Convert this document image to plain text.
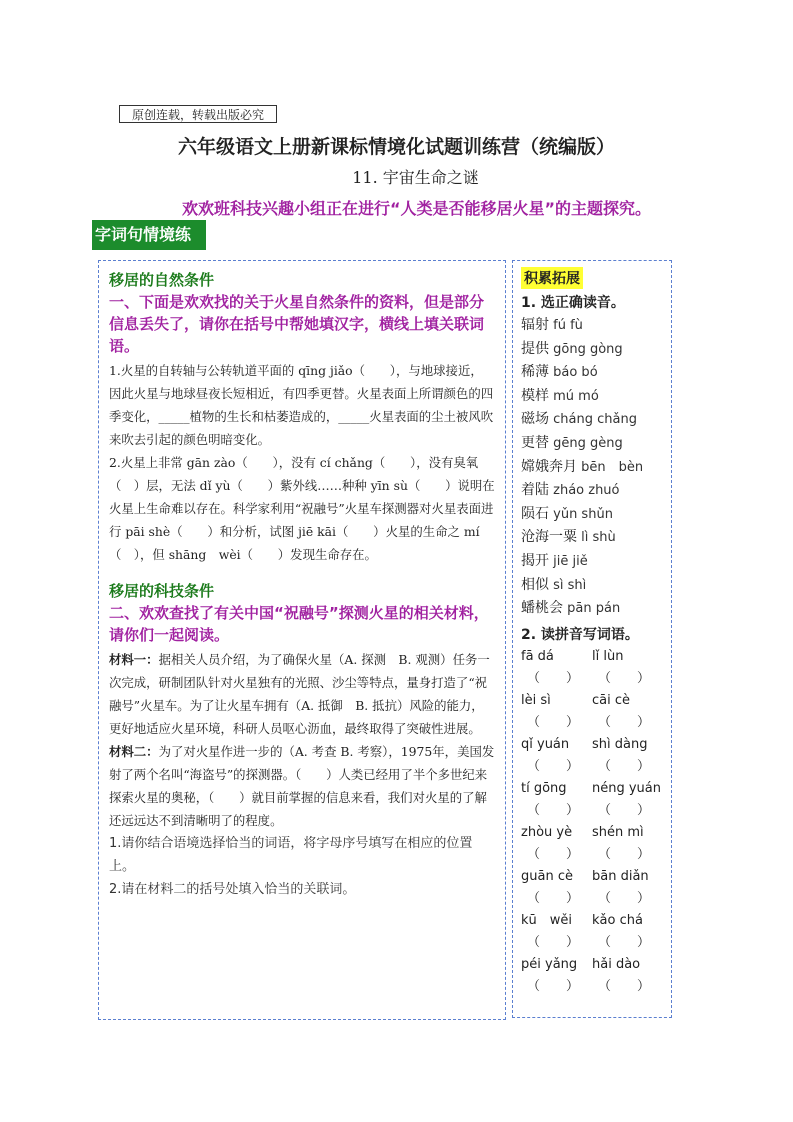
原创连载，转载出版必究
六年级语文上册新课标情境化试题训练营（统编版）
11. 宇宙生命之谜
欢欢班科技兴趣小组正在进行“人类是否能移居火星”的主题探究。
字词句情境练

移居的自然条件

一、下面是欢欢找的关于火星自然条件的资料，但是部分信息丢失了，请你在括号中帮她填汉字，横线上填关联词语。

1.火星的自转轴与公转轨道平面的 qīng jiǎo（　　），与地球接近，因此火星与地球昼夜长短相近，有四季更替。火星表面上所谓颜色的四季变化，_____植物的生长和枯萎造成的，_____火星表面的尘土被风吹来吹去引起的颜色明暗变化。

2.火星上非常 gān zào（　　），没有 cí chǎng（　　），没有臭氧（　）层，无法 dǐ yù（　　）紫外线……种种 yīn sù（　　）说明在火星上生命难以存在。科学家利用“祝融号”火星车探测器对火星表面进行 pāi shè（　　）和分析，试图 jiē kāi（　　）火星的生命之 mí（　），但 shāng　wèi（　　）发现生命存在。

移居的科技条件

二、欢欢查找了有关中国“祝融号”探测火星的相关材料，请你们一起阅读。

材料一：据相关人员介绍，为了确保火星（A. 探测　B. 观测）任务一次完成，研制团队针对火星独有的光照、沙尘等特点，量身打造了“祝融号”火星车。为了让火星车拥有（A. 抵御　B. 抵抗）风险的能力，更好地适应火星环境，科研人员呕心沥血，最终取得了突破性进展。

材料二：为了对火星作进一步的（A. 考查 B. 考察），1975年，美国发射了两个名叫“海盗号”的探测器。（　　）人类已经用了半个多世纪来探索火星的奥秘，（　　）就目前掌握的信息来看，我们对火星的了解还远远达不到清晰明了的程度。

1.请你结合语境选择恰当的词语，将字母序号填写在相应的位置上。

2.请在材料二的括号处填入恰当的关联词。

积累拓展

1. 选正确读音。

辐射 fú fù

提供 gōng gòng

稀薄 báo bó

模样 mú mó

磁场 cháng chǎng

更替 gēng gèng

嫦娥奔月 bēn　bèn

着陆 zháo zhuó

陨石 yǔn shǔn

沧海一粟 lì shù

揭开 jiē jiě

相似 sì shì

蟠桃会 pān pán

2. 读拼音写词语。

fā dá	lǐ lùn

（　　）	（　　）

lèi sì	cāi cè

（　　）	（　　）

qǐ yuán	shì dàng

（　　）	（　　）

tí gōng	néng yuán

（　　）	（　　）

zhòu yè	shén mì

（　　）	（　　）

guān cè	bān diǎn

（　　）	（　　）

kū　wěi	kǎo chá

（　　）	（　　）

péi yǎng	hǎi dào

（　　）	（　　）
